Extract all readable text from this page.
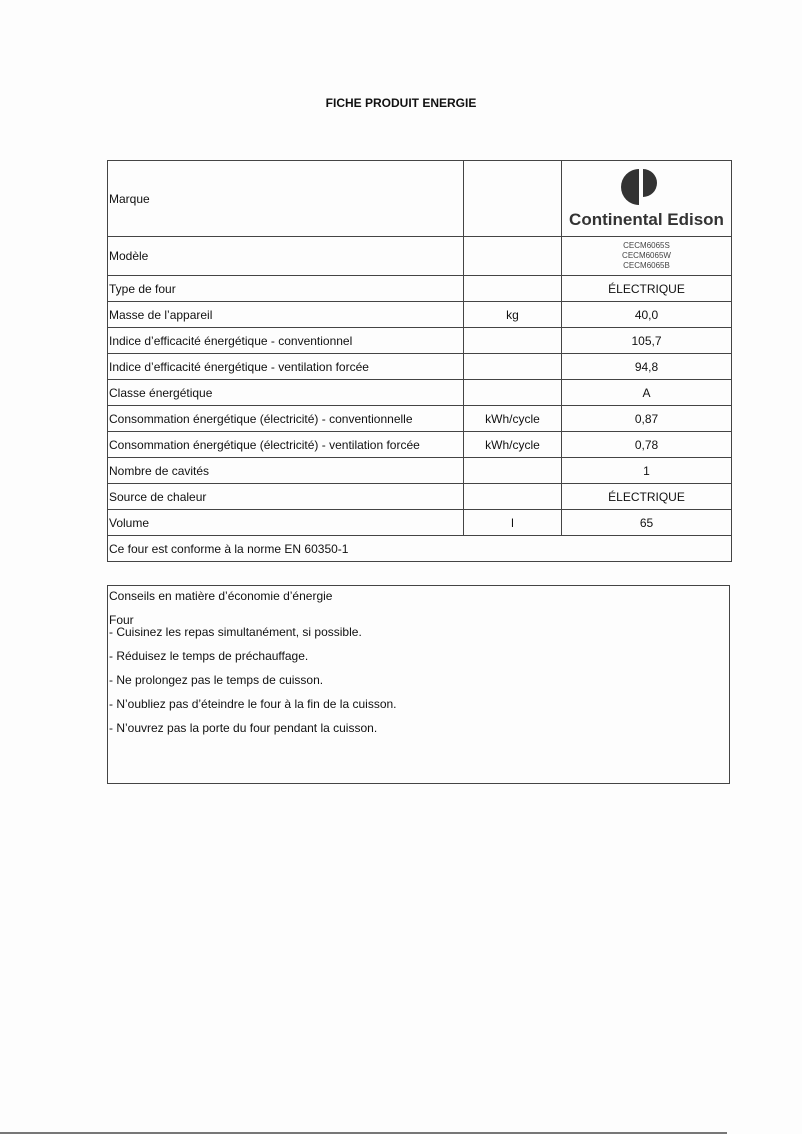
FICHE PRODUIT ENERGIE
Marque		Continental Edison

Modèle		CECM6065S
CECM6065W
CECM6065B

Type de four		ÉLECTRIQUE
Masse de l’appareil	kg	40,0
Indice d’efficacité énergétique - conventionnel		105,7
Indice d’efficacité énergétique - ventilation forcée		94,8
Classe énergétique		A
Consommation énergétique (électricité) - conventionnelle	kWh/cycle	0,87
Consommation énergétique (électricité) - ventilation forcée	kWh/cycle	0,78
Nombre de cavités		1
Source de chaleur		ÉLECTRIQUE
Volume	l	65
Ce four est conforme à la norme EN 60350-1		
Conseils en matière d’économie d’énergie
Four
- Cuisinez les repas simultanément, si possible.
- Réduisez le temps de préchauffage.
- Ne prolongez pas le temps de cuisson.
- N’oubliez pas d’éteindre le four à la fin de la cuisson.
- N’ouvrez pas la porte du four pendant la cuisson.
